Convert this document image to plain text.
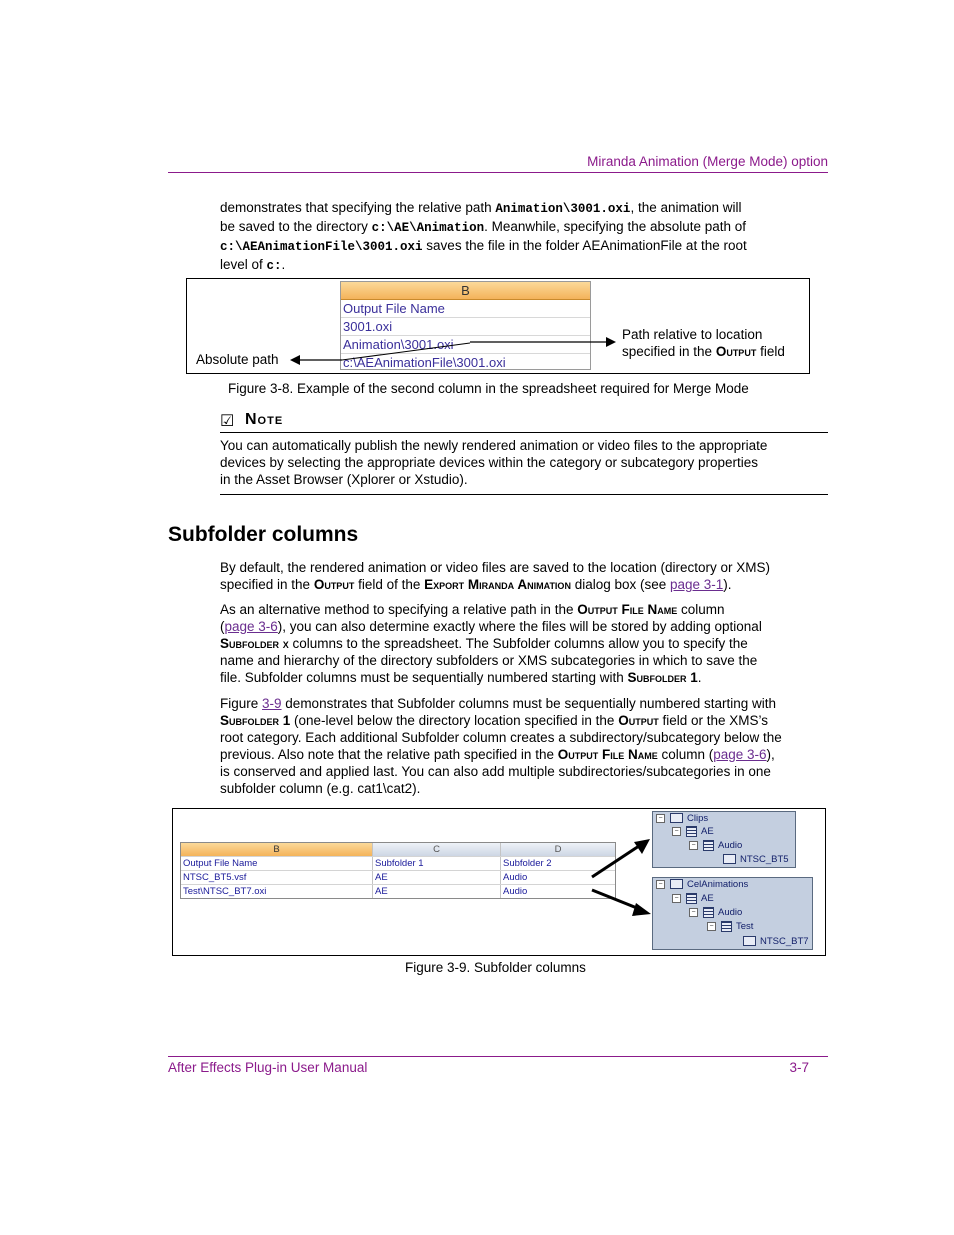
Miranda Animation (Merge Mode) option
demonstrates that specifying the relative path Animation\3001.oxi, the animation will
be saved to the directory c:\AE\Animation. Meanwhile, specifying the absolute path of
c:\AEAnimationFile\3001.oxi saves the file in the folder AEAnimationFile at the root
level of c:.
B
Output File Name
3001.oxi
Animation\3001.oxi
c:\AEAnimationFile\3001.oxi
Absolute path
Path relative to location
specified in the Output field
Figure 3-8. Example of the second column in the spreadsheet required for Merge Mode
☑ Note
You can automatically publish the newly rendered animation or video files to the appropriate
devices by selecting the appropriate devices within the category or subcategory properties
in the Asset Browser (Xplorer or Xstudio).
Subfolder columns
By default, the rendered animation or video files are saved to the location (directory or XMS)
specified in the Output field of the Export Miranda Animation dialog box (see page 3-1).
As an alternative method to specifying a relative path in the Output File Name column
(page 3-6), you can also determine exactly where the files will be stored by adding optional
Subfolder x columns to the spreadsheet. The Subfolder columns allow you to specify the
name and hierarchy of the directory subfolders or XMS subcategories in which to save the
file. Subfolder columns must be sequentially numbered starting with Subfolder 1.
Figure 3-9 demonstrates that Subfolder columns must be sequentially numbered starting with
Subfolder 1 (one-level below the directory location specified in the Output field or the XMS’s
root category. Each additional Subfolder column creates a subdirectory/subcategory below the
previous. Also note that the relative path specified in the Output File Name column (page 3-6),
is conserved and applied last. You can also add multiple subdirectories/subcategories in one
subfolder column (e.g. cat1\cat2).
B	C	D
Output File Name	Subfolder 1	Subfolder 2
NTSC_BT5.vsf	AE	Audio
Test\NTSC_BT7.oxi	AE	Audio
−	Clips
− AE
− Audio
NTSC_BT5
−	CelAnimations
− AE
− Audio
− Test
NTSC_BT7
Figure 3-9. Subfolder columns
After Effects Plug-in User Manual	3-7
